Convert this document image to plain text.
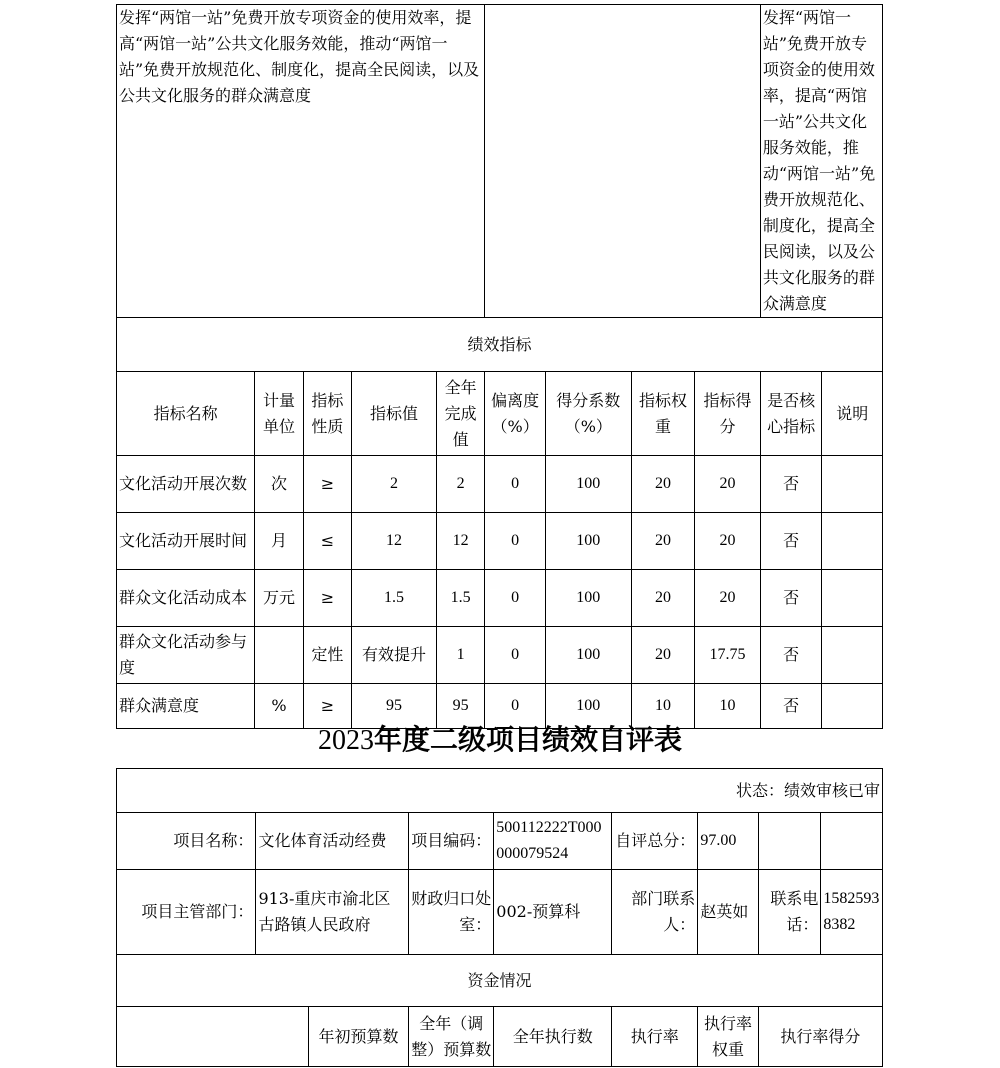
发挥“两馆一站”免费开放专项资金的使用效率，提高“两馆一站”公共文化服务效能，推动“两馆一站”免费开放规范化、制度化，提高全民阅读，以及公共文化服务的群众满意度									发挥“两馆一站”免费开放专项资金的使用效率，提高“两馆一站”公共文化服务效能，推动“两馆一站”免费开放规范化、制度化，提高全民阅读，以及公共文化服务的群众满意度	
绩效指标										
指标名称	计量单位	指标性质	指标值	全年完成值	偏离度（%）	得分系数（%）	指标权重	指标得分	是否核心指标	说明
文化活动开展次数	次	≥	2	2	0	100	20	20	否	
文化活动开展时间	月	≤	12	12	0	100	20	20	否	
群众文化活动成本	万元	≥	1.5	1.5	0	100	20	20	否	
群众文化活动参与度		定性	有效提升	1	0	100	20	17.75	否	
群众满意度	%	≥	95	95	0	100	10	10	否	
2023年度二级项目绩效自评表
状态：绩效审核已审								
项目名称：	文化体育活动经费		项目编码：	500112222T000000079524	自评总分：	97.00		
项目主管部门：	913-重庆市渝北区古路镇人民政府		财政归口处室：	002-预算科	部门联系人：	赵英如	联系电话：	15825938382
资金情况								
		年初预算数	全年（调整）预算数	全年执行数	执行率	执行率权重	执行率得分	
